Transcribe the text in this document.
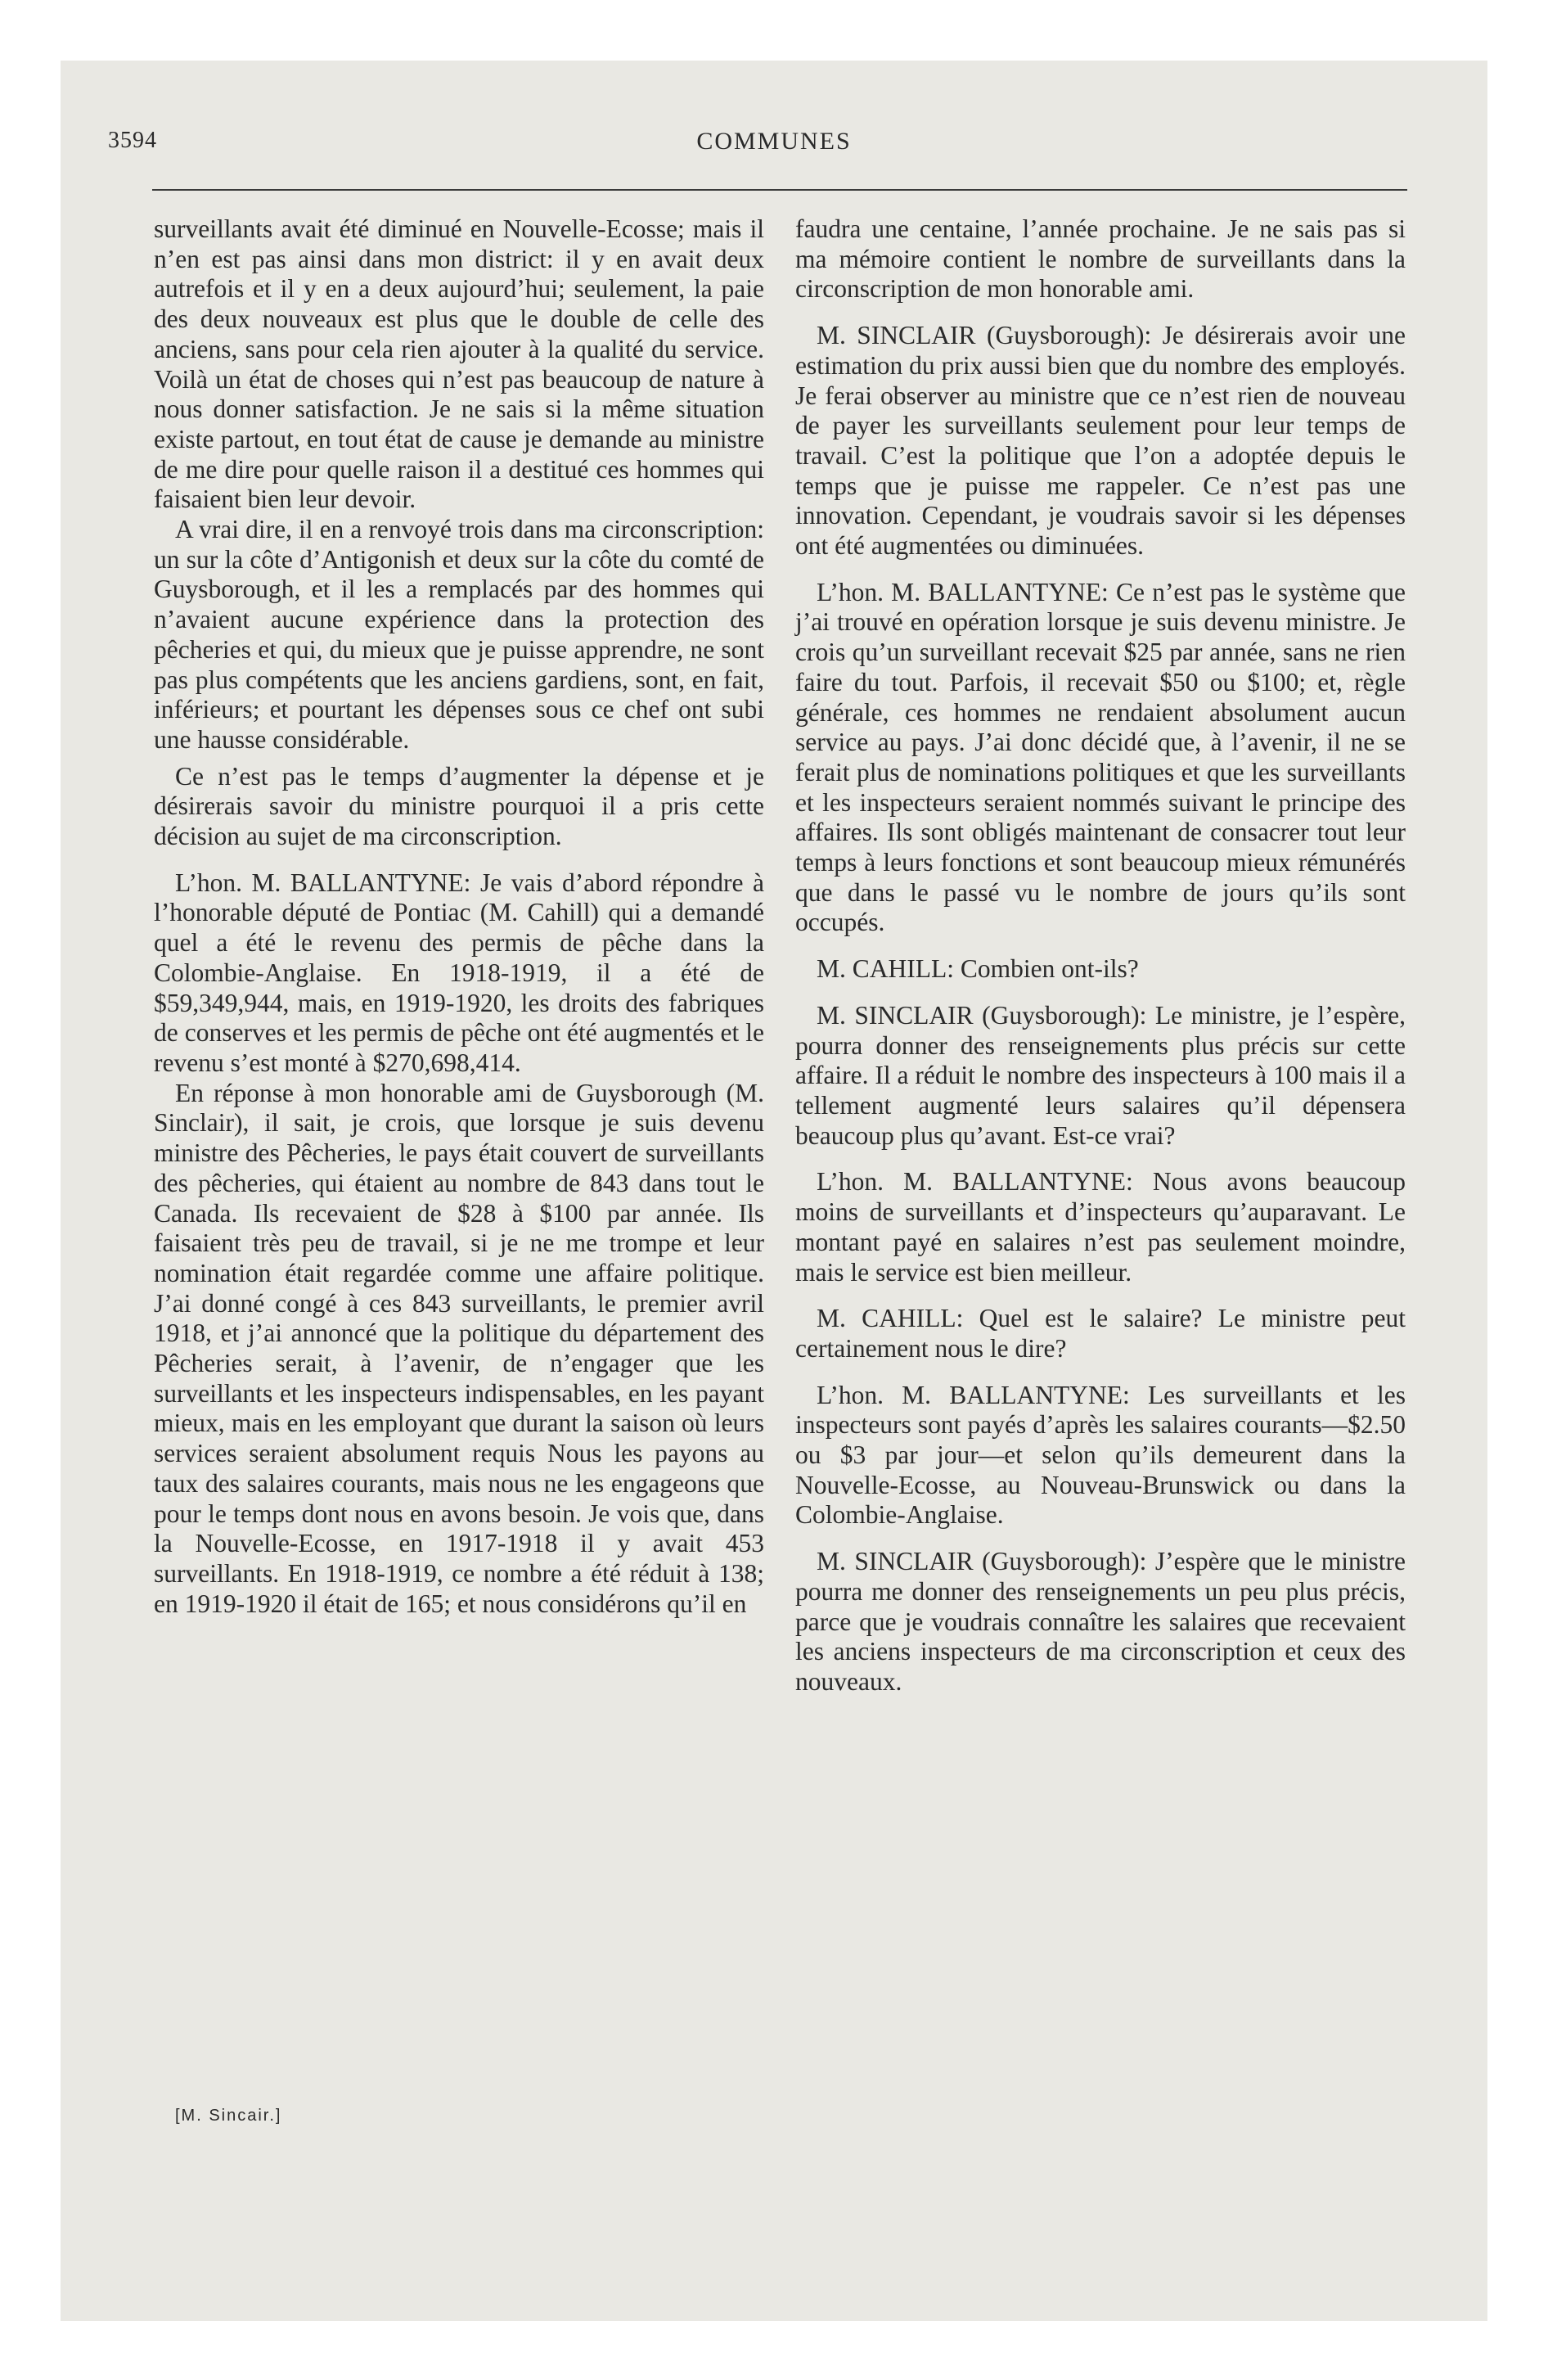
3594	COMMUNES

surveillants avait été diminué en Nouvelle-Ecosse; mais il n’en est pas ainsi dans mon district: il y en avait deux autrefois et il y en a deux aujourd’hui; seulement, la paie des deux nouveaux est plus que le double de celle des anciens, sans pour cela rien ajouter à la qualité du service. Voilà un état de choses qui n’est pas beaucoup de nature à nous donner satisfaction. Je ne sais si la même situation existe partout, en tout état de cause je demande au ministre de me dire pour quelle raison il a destitué ces hommes qui faisaient bien leur devoir.

A vrai dire, il en a renvoyé trois dans ma circonscription: un sur la côte d’Antigonish et deux sur la côte du comté de Guysborough, et il les a remplacés par des hommes qui n’avaient aucune expérience dans la protection des pêcheries et qui, du mieux que je puisse apprendre, ne sont pas plus compétents que les anciens gardiens, sont, en fait, inférieurs; et pourtant les dépenses sous ce chef ont subi une hausse considérable.

Ce n’est pas le temps d’augmenter la dépense et je désirerais savoir du ministre pourquoi il a pris cette décision au sujet de ma circonscription.

L’hon. M. BALLANTYNE: Je vais d’abord répondre à l’honorable député de Pontiac (M. Cahill) qui a demandé quel a été le revenu des permis de pêche dans la Colombie-Anglaise. En 1918-1919, il a été de $59,349,944, mais, en 1919-1920, les droits des fabriques de conserves et les permis de pêche ont été augmentés et le revenu s’est monté à $270,698,414.

En réponse à mon honorable ami de Guysborough (M. Sinclair), il sait, je crois, que lorsque je suis devenu ministre des Pêcheries, le pays était couvert de surveillants des pêcheries, qui étaient au nombre de 843 dans tout le Canada. Ils recevaient de $28 à $100 par année. Ils faisaient très peu de travail, si je ne me trompe et leur nomination était regardée comme une affaire politique. J’ai donné congé à ces 843 surveillants, le premier avril 1918, et j’ai annoncé que la politique du département des Pêcheries serait, à l’avenir, de n’engager que les surveillants et les inspecteurs indispensables, en les payant mieux, mais en les employant que durant la saison où leurs services seraient absolument requis Nous les payons au taux des salaires courants, mais nous ne les engageons que pour le temps dont nous en avons besoin. Je vois que, dans la Nouvelle-Ecosse, en 1917-1918 il y avait 453 surveillants. En 1918-1919, ce nombre a été réduit à 138; en 1919-1920 il était de 165; et nous considérons qu’il en

faudra une centaine, l’année prochaine. Je ne sais pas si ma mémoire contient le nombre de surveillants dans la circonscription de mon honorable ami.

M. SINCLAIR (Guysborough): Je désirerais avoir une estimation du prix aussi bien que du nombre des employés. Je ferai observer au ministre que ce n’est rien de nouveau de payer les surveillants seulement pour leur temps de travail. C’est la politique que l’on a adoptée depuis le temps que je puisse me rappeler. Ce n’est pas une innovation. Cependant, je voudrais savoir si les dépenses ont été augmentées ou diminuées.

L’hon. M. BALLANTYNE: Ce n’est pas le système que j’ai trouvé en opération lorsque je suis devenu ministre. Je crois qu’un surveillant recevait $25 par année, sans ne rien faire du tout. Parfois, il recevait $50 ou $100; et, règle générale, ces hommes ne rendaient absolument aucun service au pays. J’ai donc décidé que, à l’avenir, il ne se ferait plus de nominations politiques et que les surveillants et les inspecteurs seraient nommés suivant le principe des affaires. Ils sont obligés maintenant de consacrer tout leur temps à leurs fonctions et sont beaucoup mieux rémunérés que dans le passé vu le nombre de jours qu’ils sont occupés.

M. CAHILL: Combien ont-ils?

M. SINCLAIR (Guysborough): Le ministre, je l’espère, pourra donner des renseignements plus précis sur cette affaire. Il a réduit le nombre des inspecteurs à 100 mais il a tellement augmenté leurs salaires qu’il dépensera beaucoup plus qu’avant. Est-ce vrai?

L’hon. M. BALLANTYNE: Nous avons beaucoup moins de surveillants et d’inspecteurs qu’auparavant. Le montant payé en salaires n’est pas seulement moindre, mais le service est bien meilleur.

M. CAHILL: Quel est le salaire? Le ministre peut certainement nous le dire?

L’hon. M. BALLANTYNE: Les surveillants et les inspecteurs sont payés d’après les salaires courants—$2.50 ou $3 par jour—et selon qu’ils demeurent dans la Nouvelle-Ecosse, au Nouveau-Brunswick ou dans la Colombie-Anglaise.

M. SINCLAIR (Guysborough): J’espère que le ministre pourra me donner des renseignements un peu plus précis, parce que je voudrais connaître les salaires que recevaient les anciens inspecteurs de ma circonscription et ceux des nouveaux.

[M. Sincair.]
